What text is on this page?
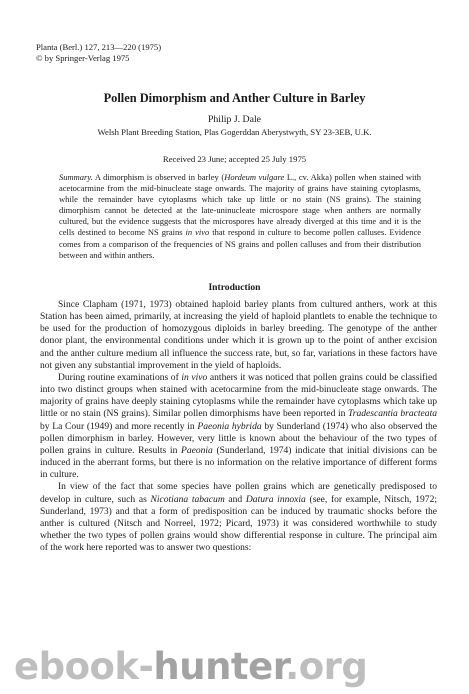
Planta (Berl.) 127, 213—220 (1975)
© by Springer-Verlag 1975
Pollen Dimorphism and Anther Culture in Barley
Philip J. Dale
Welsh Plant Breeding Station, Plas Gogerddan Aberystwyth, SY 23-3EB, U.K.
Received 23 June; accepted 25 July 1975
Summary. A dimorphism is observed in barley (Hordeum vulgare L., cv. Akka) pollen when stained with acetocarmine from the mid-binucleate stage onwards. The majority of grains have staining cytoplasms, while the remainder have cytoplasms which take up little or no stain (NS grains). The staining dimorphism cannot be detected at the late-uninucleate microspore stage when anthers are normally cultured, but the evidence suggests that the microspores have already diverged at this time and it is the cells destined to become NS grains in vivo that respond in culture to become pollen calluses. Evidence comes from a comparison of the frequencies of NS grains and pollen calluses and from their distribution between and within anthers.
Introduction

Since Clapham (1971, 1973) obtained haploid barley plants from cultured anthers, work at this Station has been aimed, primarily, at increasing the yield of haploid plantlets to enable the technique to be used for the production of homozygous diploids in barley breeding. The genotype of the anther donor plant, the environmental conditions under which it is grown up to the point of anther excision and the anther culture medium all influence the success rate, but, so far, variations in these factors have not given any substantial improvement in the yield of haploids.

During routine examinations of in vivo anthers it was noticed that pollen grains could be classified into two distinct groups when stained with acetocarmine from the mid-binucleate stage onwards. The majority of grains have deeply staining cytoplasms while the remainder have cytoplasms which take up little or no stain (NS grains). Similar pollen dimorphisms have been reported in Tradescantia bracteata by La Cour (1949) and more recently in Paeonia hybrida by Sunderland (1974) who also observed the pollen dimorphism in barley. However, very little is known about the behaviour of the two types of pollen grains in culture. Results in Paeonia (Sunderland, 1974) indicate that initial divisions can be induced in the aberrant forms, but there is no information on the relative importance of different forms in culture.

In view of the fact that some species have pollen grains which are genetically predisposed to develop in culture, such as Nicotiana tabacum and Datura innoxia (see, for example, Nitsch, 1972; Sunderland, 1973) and that a form of predisposition can be induced by traumatic shocks before the anther is cultured (Nitsch and Norreel, 1972; Picard, 1973) it was considered worthwhile to study whether the two types of pollen grains would show differential response in culture. The principal aim of the work here reported was to answer two questions:

ebook-hunter.org
